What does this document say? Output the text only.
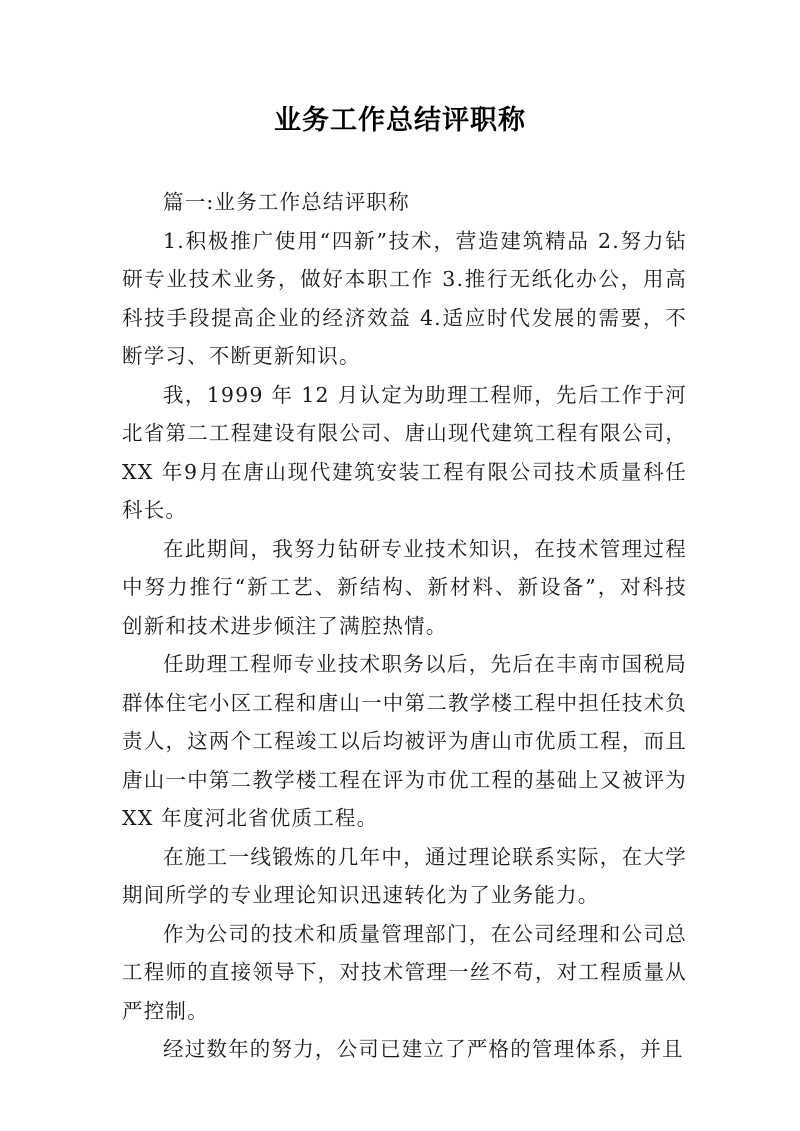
业务工作总结评职称

篇一:业务工作总结评职称

1.积极推广使用“四新”技术，营造建筑精品 2.努力钻研专业技术业务，做好本职工作 3.推行无纸化办公，用高科技手段提高企业的经济效益 4.适应时代发展的需要，不断学习、不断更新知识。

我，1999 年 12 月认定为助理工程师，先后工作于河北省第二工程建设有限公司、唐山现代建筑工程有限公司，XX 年9月在唐山现代建筑安装工程有限公司技术质量科任科长。

在此期间，我努力钻研专业技术知识，在技术管理过程中努力推行“新工艺、新结构、新材料、新设备”，对科技创新和技术进步倾注了满腔热情。

任助理工程师专业技术职务以后，先后在丰南市国税局群体住宅小区工程和唐山一中第二教学楼工程中担任技术负责人，这两个工程竣工以后均被评为唐山市优质工程，而且唐山一中第二教学楼工程在评为市优工程的基础上又被评为 XX 年度河北省优质工程。

在施工一线锻炼的几年中，通过理论联系实际，在大学期间所学的专业理论知识迅速转化为了业务能力。

作为公司的技术和质量管理部门，在公司经理和公司总工程师的直接领导下，对技术管理一丝不苟，对工程质量从严控制。

经过数年的努力，公司已建立了严格的管理体系，并且
